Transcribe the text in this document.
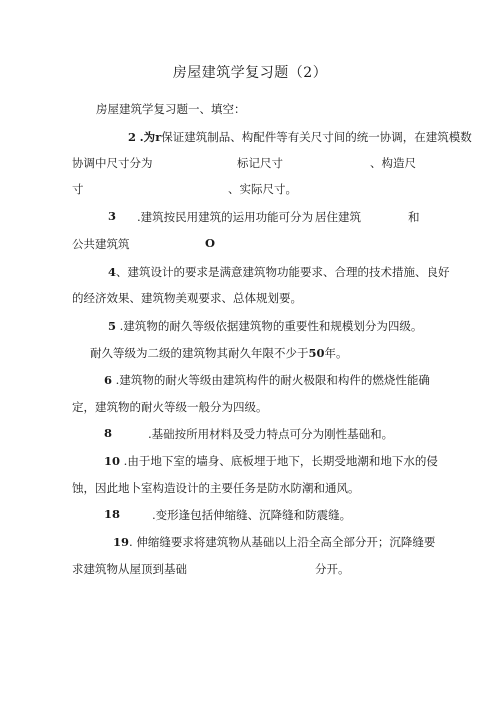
房屋建筑学复习题（2）
房屋建筑学复习题一、填空：
2 .为r保证建筑制品、构配件等有关尺寸间的统一协调，在建筑模数
协调中尺寸分为	标记尺寸	、构造尺
寸	、实际尺寸。
3 .建筑按民用建筑的运用功能可分为 居住建筑	和
公共建筑筑	O
4、建筑设计的要求是满意建筑物功能要求、合理的技术措施、良好
的经济效果、建筑物美观要求、总体规划要。
5 .建筑物的耐久等级依据建筑物的重要性和规模划分为四级。
耐久等级为二级的建筑物其耐久年限不少于50年。
6 .建筑物的耐火等级由建筑构件的耐火极限和构件的燃烧性能确
定，建筑物的耐火等级一般分为四级。
8	.基础按所用材料及受力特点可分为刚性基础和。
10 .由于地下室的墙身、底板埋于地下，长期受地潮和地下水的侵
蚀，因此地卜室构造设计的主要任务是防水防潮和通风。
18	.变形逢包括伸缩缝、沉降缝和防震缝。
19. 伸缩缝要求将建筑物从基础以上沿全高全部分开；沉降缝要
求建筑物从屋顶到基础	分开。
